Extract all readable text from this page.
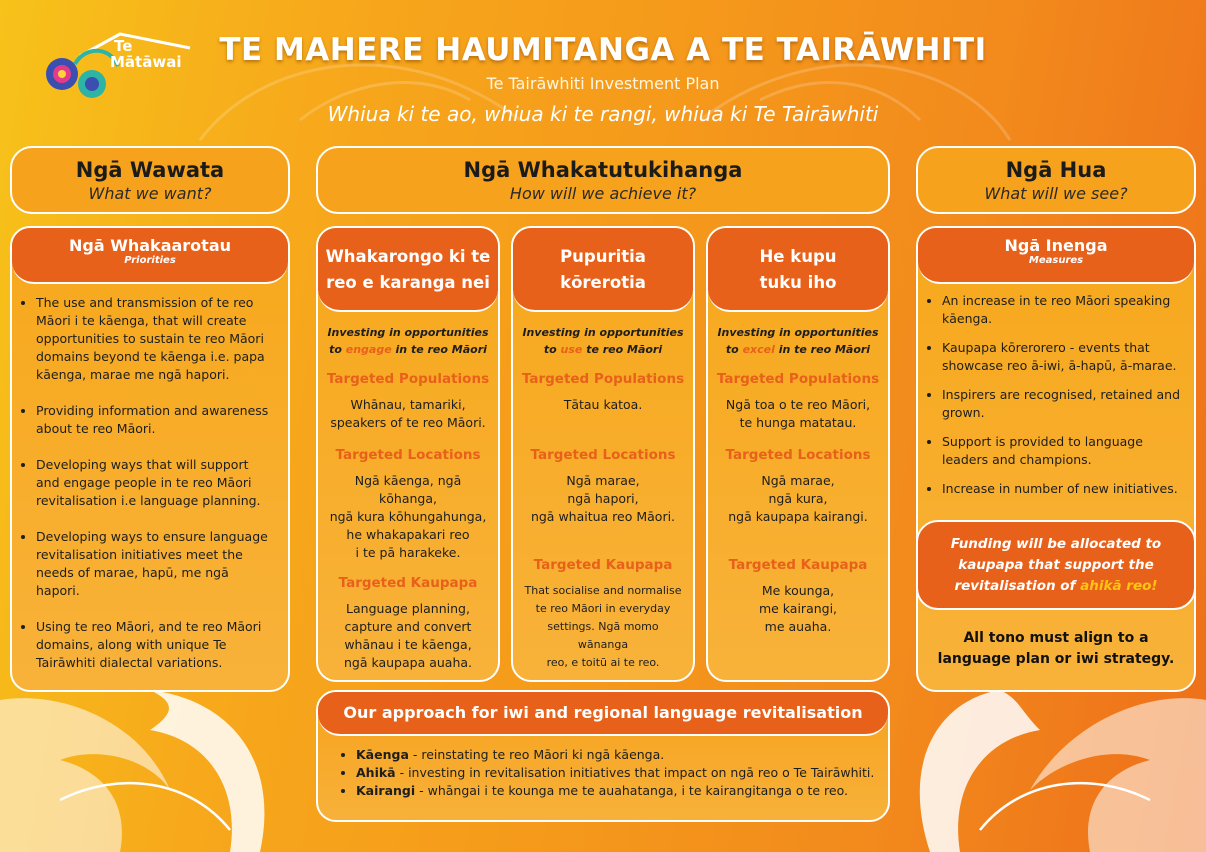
Te
Mātāwai	TE MAHERE HAUMITANGA A TE TAIRĀWHITI
Te Tairāwhiti Investment Plan
Whiua ki te ao, whiua ki te rangi, whiua ki Te Tairāwhiti
Ngā Wawata
What we want?
Ngā Whakatutukihanga
How will we achieve it?
Ngā Hua
What will we see?
Ngā Whakaarotau
Priorities
• The use and transmission of te reo Māori i te kāenga, that will create opportunities to sustain te reo Māori domains beyond te kāenga i.e. papa kāenga, marae me ngā hapori.
• Providing information and awareness about te reo Māori.
• Developing ways that will support and engage people in te reo Māori revitalisation i.e language planning.
• Developing ways to ensure language revitalisation initiatives meet the needs of marae, hapū, me ngā hapori.
• Using te reo Māori, and te reo Māori domains, along with unique Te Tairāwhiti dialectal variations.
Whakarongo ki te
reo e karanga nei
Investing in opportunities
to engage in te reo Māori
Targeted Populations
Whānau, tamariki,
speakers of te reo Māori.
Targeted Locations
Ngā kāenga, ngā kōhanga,
ngā kura kōhungahunga,
he whakapakari reo
i te pā harakeke.
Targeted Kaupapa
Language planning,
capture and convert
whānau i te kāenga,
ngā kaupapa auaha.
Pupuritia
kōrerotia
Investing in opportunities
to use te reo Māori
Targeted Populations
Tātau katoa.
Targeted Locations
Ngā marae,
ngā hapori,
ngā whaitua reo Māori.
Targeted Kaupapa
That socialise and normalise
te reo Māori in everyday
settings. Ngā momo wānanga
reo, e toitū ai te reo.
He kupu
tuku iho
Investing in opportunities
to excel in te reo Māori
Targeted Populations
Ngā toa o te reo Māori,
te hunga matatau.
Targeted Locations
Ngā marae,
ngā kura,
ngā kaupapa kairangi.
Targeted Kaupapa
Me kounga,
me kairangi,
me auaha.
Ngā Inenga
Measures
• An increase in te reo Māori speaking kāenga.
• Kaupapa kōrerorero - events that showcase reo ā-iwi, ā-hapū, ā-marae.
• Inspirers are recognised, retained and grown.
• Support is provided to language leaders and champions.
• Increase in number of new initiatives.
Funding will be allocated to
kaupapa that support the
revitalisation of ahikā reo!
All tono must align to a
language plan or iwi strategy.
Our approach for iwi and regional language revitalisation
• Kāenga - reinstating te reo Māori ki ngā kāenga.
• Ahikā - investing in revitalisation initiatives that impact on ngā reo o Te Tairāwhiti.
• Kairangi - whāngai i te kounga me te auahatanga, i te kairangitanga o te reo.
